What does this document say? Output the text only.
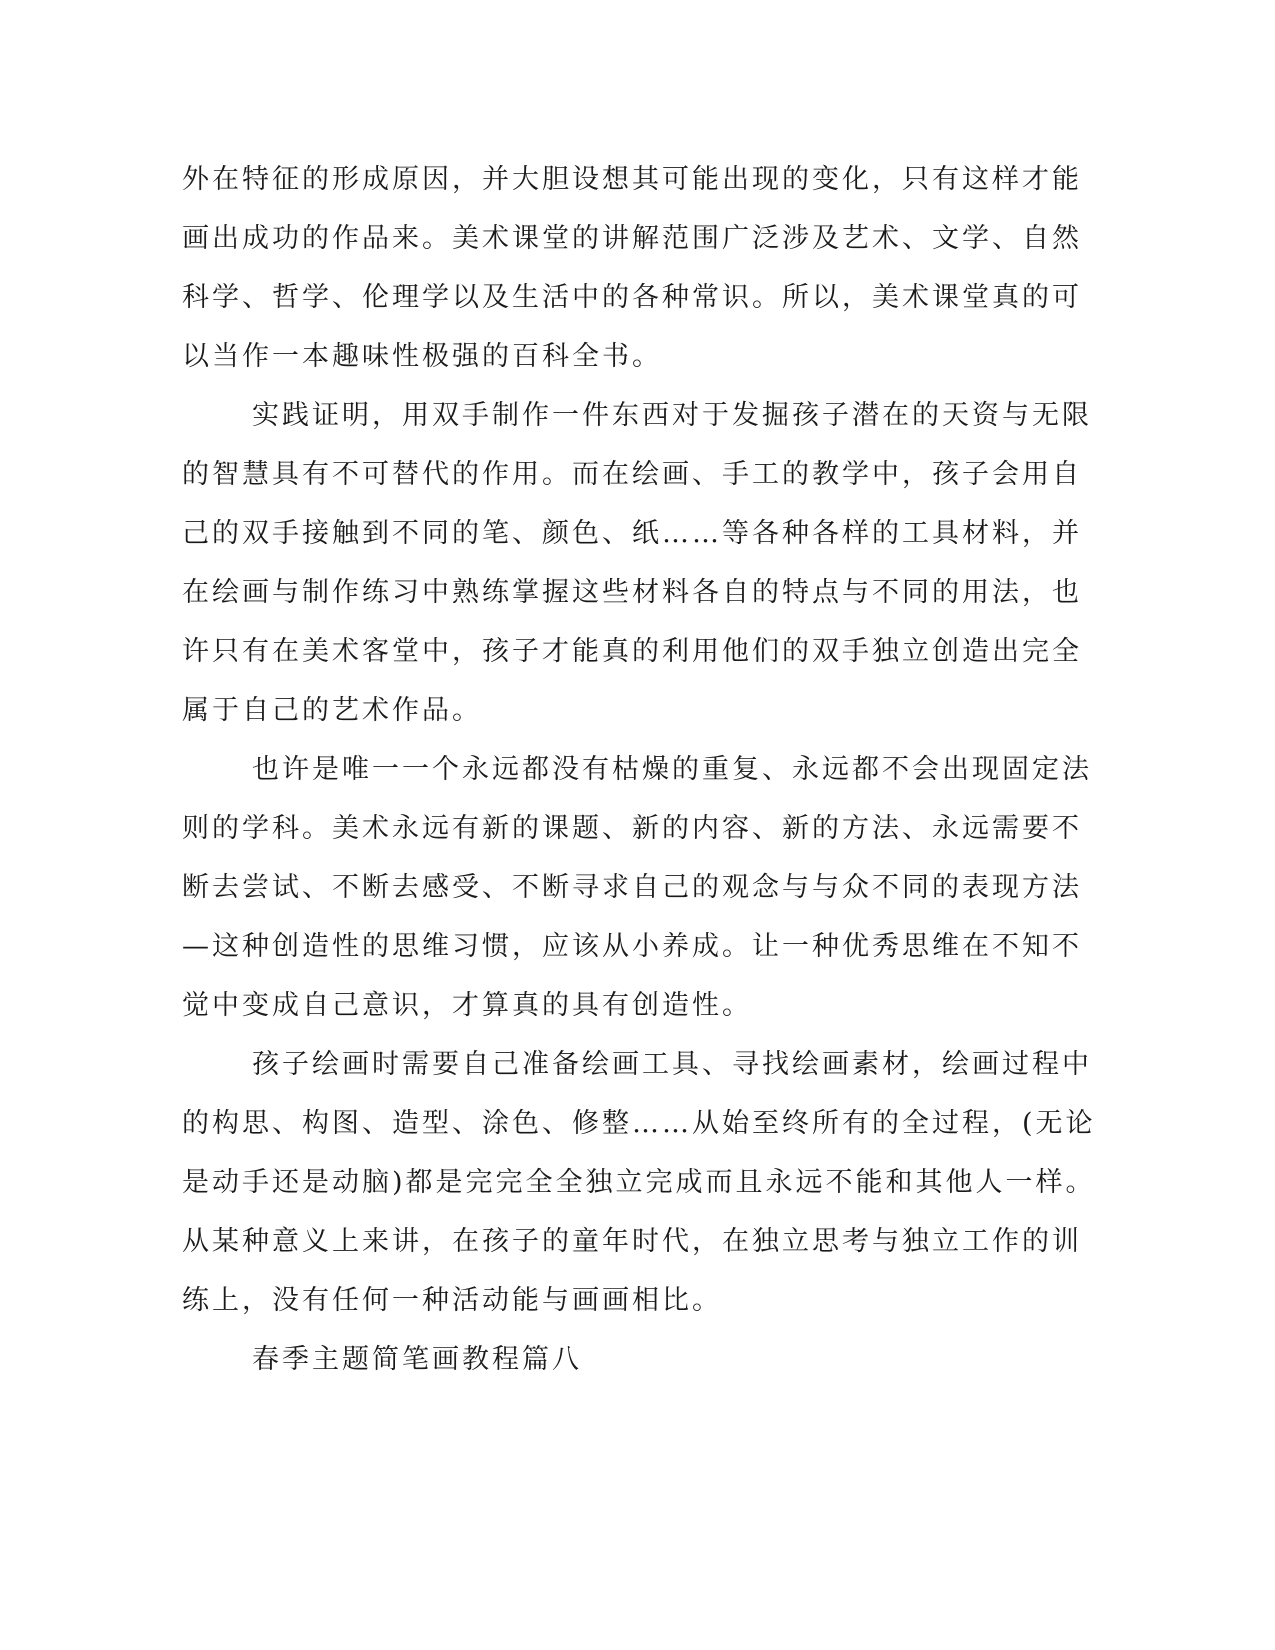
外在特征的形成原因，并大胆设想其可能出现的变化，只有这样才能
画出成功的作品来。美术课堂的讲解范围广泛涉及艺术、文学、自然
科学、哲学、伦理学以及生活中的各种常识。所以，美术课堂真的可
以当作一本趣味性极强的百科全书。
实践证明，用双手制作一件东西对于发掘孩子潜在的天资与无限
的智慧具有不可替代的作用。而在绘画、手工的教学中，孩子会用自
己的双手接触到不同的笔、颜色、纸……等各种各样的工具材料，并
在绘画与制作练习中熟练掌握这些材料各自的特点与不同的用法，也
许只有在美术客堂中，孩子才能真的利用他们的双手独立创造出完全
属于自己的艺术作品。
也许是唯一一个永远都没有枯燥的重复、永远都不会出现固定法
则的学科。美术永远有新的课题、新的内容、新的方法、永远需要不
断去尝试、不断去感受、不断寻求自己的观念与与众不同的表现方法
—这种创造性的思维习惯，应该从小养成。让一种优秀思维在不知不
觉中变成自己意识，才算真的具有创造性。
孩子绘画时需要自己准备绘画工具、寻找绘画素材，绘画过程中
的构思、构图、造型、涂色、修整……从始至终所有的全过程，(无论
是动手还是动脑)都是完完全全独立完成而且永远不能和其他人一样。
从某种意义上来讲，在孩子的童年时代，在独立思考与独立工作的训
练上，没有任何一种活动能与画画相比。
春季主题简笔画教程篇八
